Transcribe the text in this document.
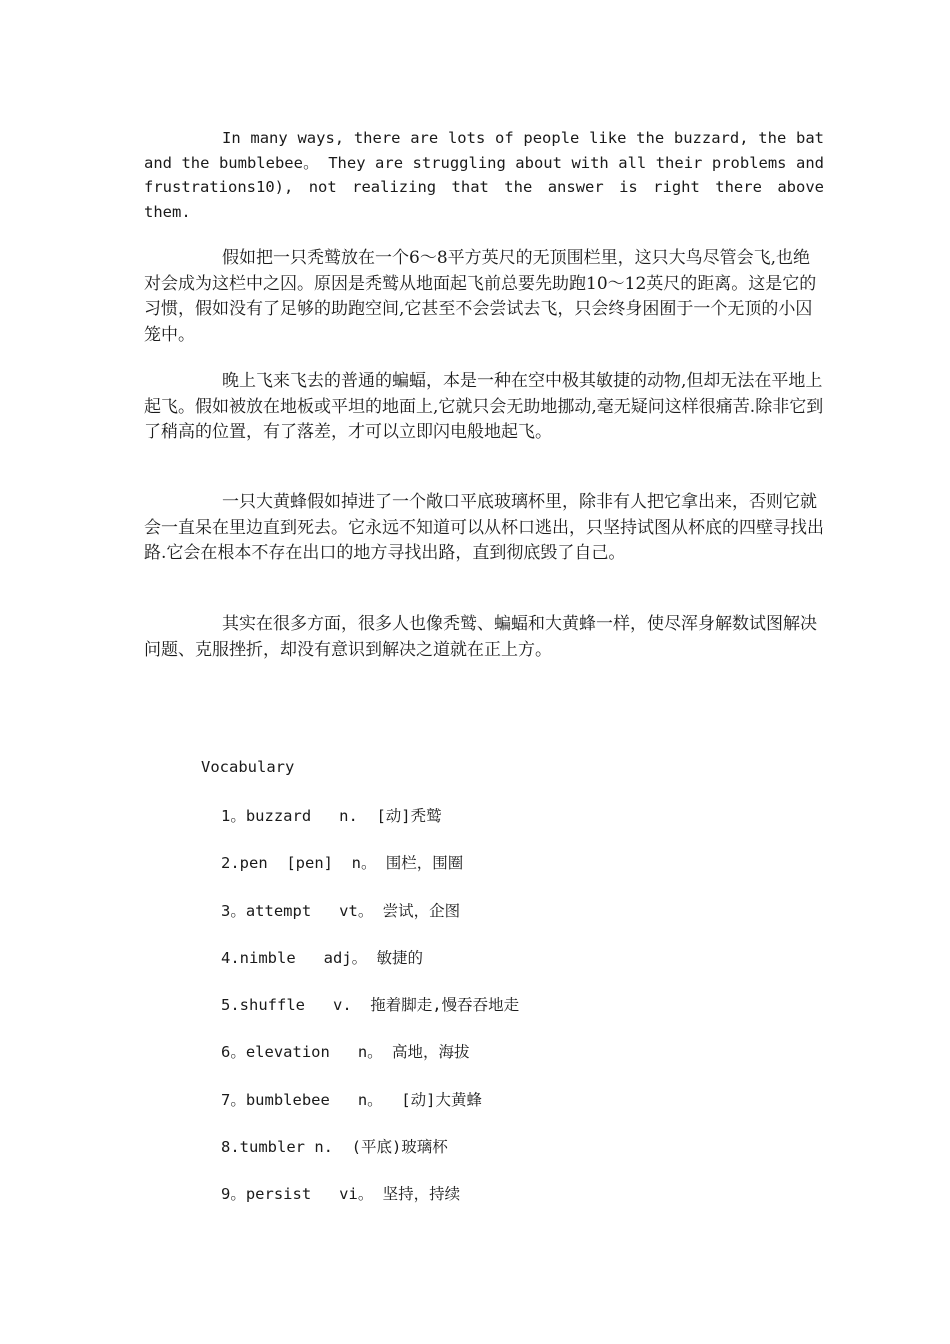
In many ways, there are lots of people like the buzzard, the bat and the bumblebee。 They are struggling about with all their problems and frustrations10), not realizing that the answer is right there above them.

假如把一只秃鹫放在一个6～8平方英尺的无顶围栏里，这只大鸟尽管会飞,也绝对会成为这栏中之囚。原因是秃鹫从地面起飞前总要先助跑10～12英尺的距离。这是它的习惯，假如没有了足够的助跑空间,它甚至不会尝试去飞，只会终身困囿于一个无顶的小囚笼中。

晚上飞来飞去的普通的蝙蝠，本是一种在空中极其敏捷的动物,但却无法在平地上起飞。假如被放在地板或平坦的地面上,它就只会无助地挪动,毫无疑问这样很痛苦.除非它到了稍高的位置，有了落差，才可以立即闪电般地起飞。

一只大黄蜂假如掉进了一个敞口平底玻璃杯里，除非有人把它拿出来，否则它就会一直呆在里边直到死去。它永远不知道可以从杯口逃出，只坚持试图从杯底的四壁寻找出路.它会在根本不存在出口的地方寻找出路，直到彻底毁了自己。

其实在很多方面，很多人也像秃鹫、蝙蝠和大黄蜂一样，使尽浑身解数试图解决问题、克服挫折，却没有意识到解决之道就在正上方。

Vocabulary

1。buzzard   n.  [动]秃鹫
2.pen  [pen]  n。 围栏，围圈
3。attempt   vt。 尝试，企图
4.nimble   adj。 敏捷的
5.shuffle   v.  拖着脚走,慢吞吞地走
6。elevation   n。 高地，海拔
7。bumblebee   n。  [动]大黄蜂
8.tumbler n.  (平底)玻璃杯
9。persist   vi。 坚持，持续
